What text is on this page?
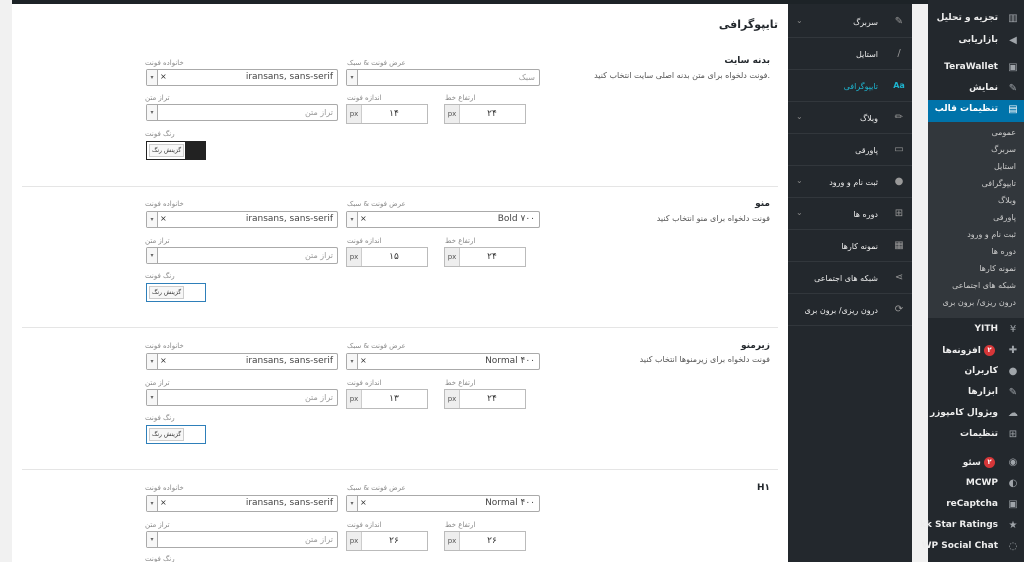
تایپوگرافی
بدنه سایت
فونت دلخواه برای متن بدنه اصلی سایت انتخاب کنید.
خانواده فونت
▾ ×	iransans, sans-serif
عرض فونت & سبک
▾	سبک
تراز متن
▾	تراز متن
اندازه فونت
px	۱۴
ارتفاع خط
px	۲۴
رنگ فونت
گزینش رنگ
منو
فونت دلخواه برای منو انتخاب کنید
خانواده فونت
▾ ×	iransans, sans-serif
عرض فونت & سبک
▾ ×	Bold ۷۰۰
تراز متن
▾	تراز متن
اندازه فونت
px	۱۵
ارتفاع خط
px	۲۴
رنگ فونت
گزینش رنگ
زیرمنو
فونت دلخواه برای زیرمنوها انتخاب کنید
خانواده فونت
▾ ×	iransans, sans-serif
عرض فونت & سبک
▾ ×	Normal ۴۰۰
تراز متن
▾	تراز متن
اندازه فونت
px	۱۳
ارتفاع خط
px	۲۴
رنگ فونت
گزینش رنگ
H۱
خانواده فونت
▾ ×	iransans, sans-serif
عرض فونت & سبک
▾ ×	Normal ۴۰۰
تراز متن
▾	تراز متن
اندازه فونت
px	۲۶
ارتفاع خط
px	۲۶
رنگ فونت
✎
سربرگ
⌄
/
استایل
Aa
تایپوگرافی
✏
وبلاگ
⌄
▭
پاورقی
●
ثبت نام و ورود
⌄
⊞
دوره ها
⌄
▦
نمونه کارها
⋖
شبکه های اجتماعی
⟳
درون ریزی/ برون بری
▥
تجزیه و تحلیل
◀
بازاریابی
▣
TeraWallet
✎
نمایش
▤
تنظیمات قالب
عمومی
سربرگ
استایل
تایپوگرافی
وبلاگ
پاورقی
ثبت نام و ورود
دوره ها
نمونه کارها
شبکه های اجتماعی
درون ریزی/ برون بری
¥
YITH
✚
افزونه‌ها ۲
●
کاربران
✎
ابزارها
☁
ویژوال کامپوزر
⊞
تنظیمات
◉
سئو ۲
◐
MCWP
▣
reCaptcha
★
kk Star Ratings
◌
WP Social Chat
